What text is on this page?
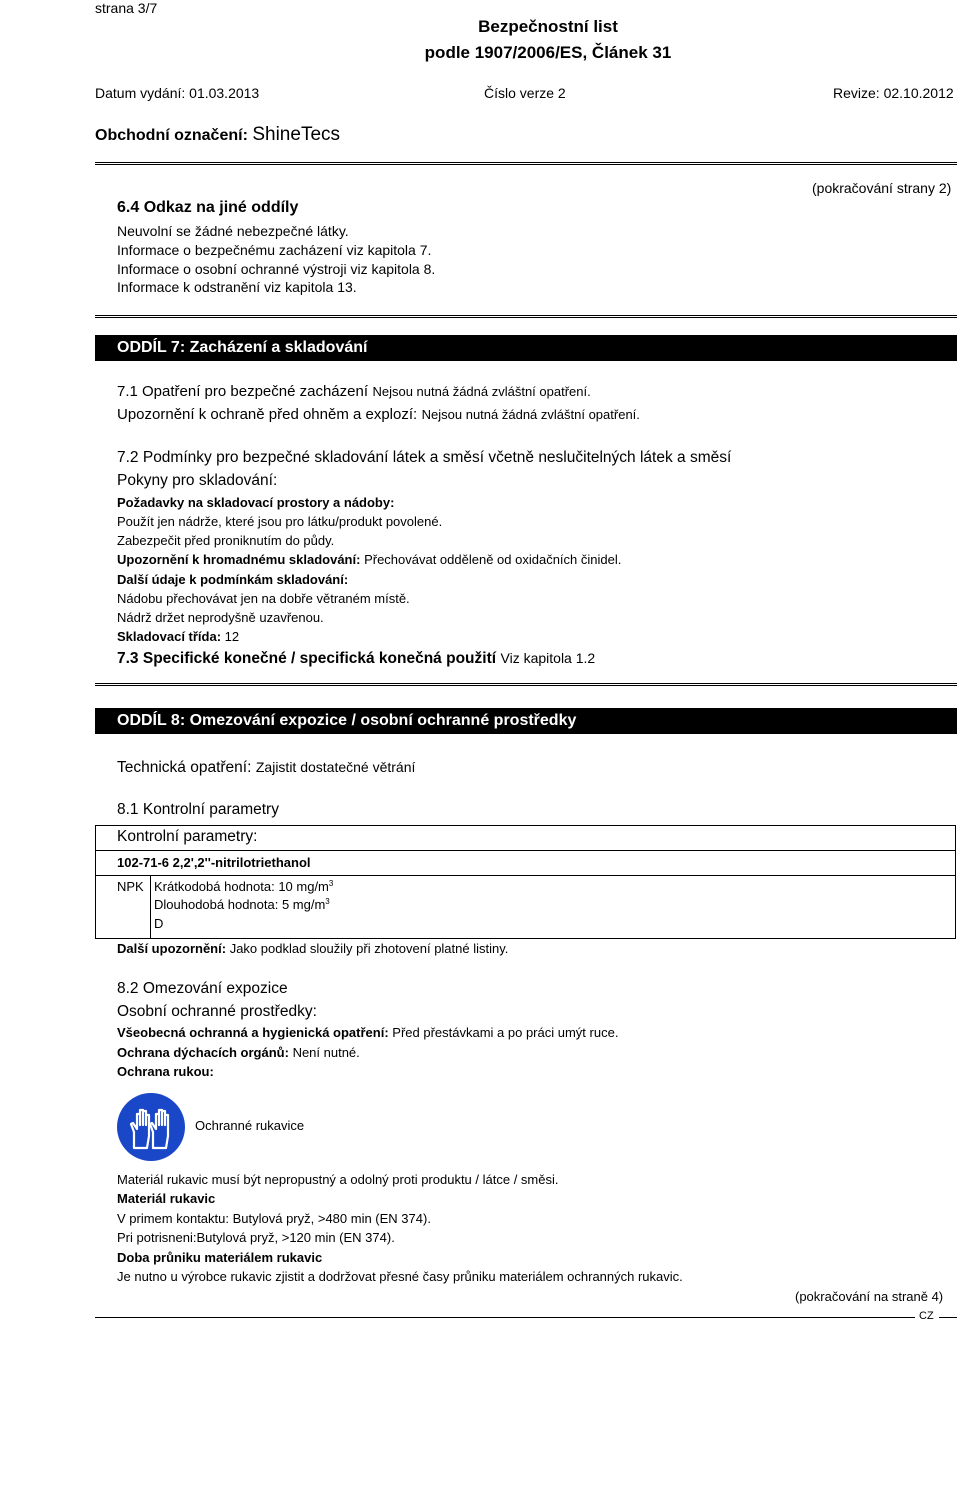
strana 3/7
Bezpečnostní list
podle 1907/2006/ES, Článek 31
Datum vydání: 01.03.2013	Číslo verze 2	Revize: 02.10.2012
Obchodní označení: ShineTecs
(pokračování strany 2)
6.4 Odkaz na jiné oddíly
Neuvolní se žádné nebezpečné látky.
Informace o bezpečnému zacházení viz kapitola 7.
Informace o osobní ochranné výstroji viz kapitola 8.
Informace k odstranění viz kapitola 13.
ODDÍL 7: Zacházení a skladování
7.1 Opatření pro bezpečné zacházení Nejsou nutná žádná zvláštní opatření.
Upozornění k ochraně před ohněm a explozí: Nejsou nutná žádná zvláštní opatření.
7.2 Podmínky pro bezpečné skladování látek a směsí včetně neslučitelných látek a směsí
Pokyny pro skladování:
Požadavky na skladovací prostory a nádoby:
Použít jen nádrže, které jsou pro látku/produkt povolené.
Zabezpečit před proniknutím do půdy.
Upozornění k hromadnému skladování: Přechovávat odděleně od oxidačních činidel.
Další údaje k podmínkám skladování:
Nádobu přechovávat jen na dobře větraném místě.
Nádrž držet neprodyšně uzavřenou.
Skladovací třída: 12
7.3 Specifické konečné / specifická konečná použití Viz kapitola 1.2
ODDÍL 8: Omezování expozice / osobní ochranné prostředky
Technická opatření: Zajistit dostatečné větrání
8.1 Kontrolní parametry
Kontrolní parametry:
102-71-6 2,2',2''-nitrilotriethanol
NPK Krátkodobá hodnota: 10 $mg/m^3$
Dlouhodobá hodnota: 5 $mg/m^3$
D
Další upozornění: Jako podklad sloužily při zhotovení platné listiny.
8.2 Omezování expozice
Osobní ochranné prostředky:
Všeobecná ochranná a hygienická opatření: Před přestávkami a po práci umýt ruce.
Ochrana dýchacích orgánů: Není nutné.
Ochrana rukou:
Ochranné rukavice
Materiál rukavic musí být nepropustný a odolný proti produktu / látce / směsi.
Materiál rukavic
V primem kontaktu: Butylová pryž, >480 min (EN 374).
Pri potrisneni:Butylová pryž, >120 min (EN 374).
Doba průniku materiálem rukavic
Je nutno u výrobce rukavic zjistit a dodržovat přesné časy průniku materiálem ochranných rukavic.
(pokračování na straně 4)
CZ
